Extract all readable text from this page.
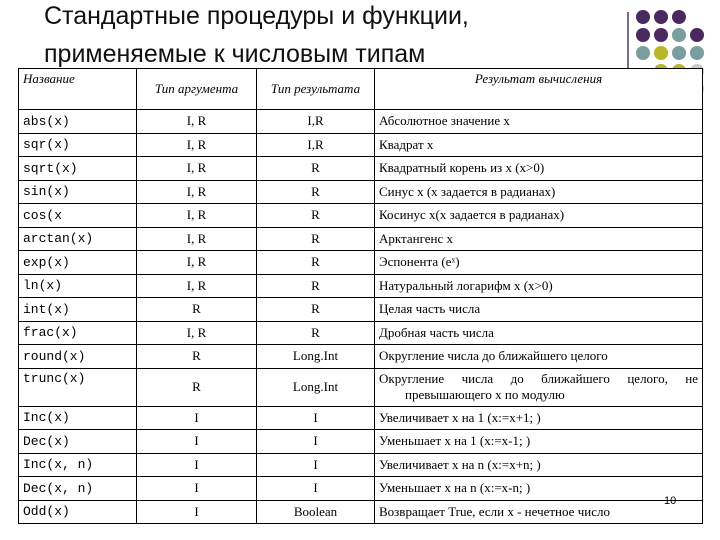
Стандартные процедуры и функции,
применяемые к числовым типам
Название	Тип аргумента	Тип результата	Результат вычисления
abs(x)	I, R	I,R	Абсолютное значение x
sqr(x)	I, R	I,R	Квадрат x
sqrt(x)	I, R	R	Квадратный корень из x (x>0)
sin(x)	I, R	R	Синус x (x задается в радианах)
cos(x	I, R	R	Косинус x(x задается в радианах)
arctan(x)	I, R	R	Арктангенс x
exp(x)	I, R	R	Эспонента (eˣ)
ln(x)	I, R	R	Натуральный логарифм x (x>0)
int(x)	R	R	Целая часть числа
frac(x)	I, R	R	Дробная часть числа
round(x)	R	Long.Int	Округление числа до ближайшего целого
trunc(x)	R	Long.Int	Округление числа до ближайшего целого, не
превышающего x по модулю

Inc(x)	I	I	Увеличивает x на 1 (x:=x+1; )
Dec(x)	I	I	Уменьшает x на 1 (x:=x-1; )
Inc(x, n)	I	I	Увеличивает x на n (x:=x+n; )
Dec(x, n)	I	I	Уменьшает x на n (x:=x-n; )
Odd(x)	I	Boolean	Возвращает True, если x - нечетное число
10
